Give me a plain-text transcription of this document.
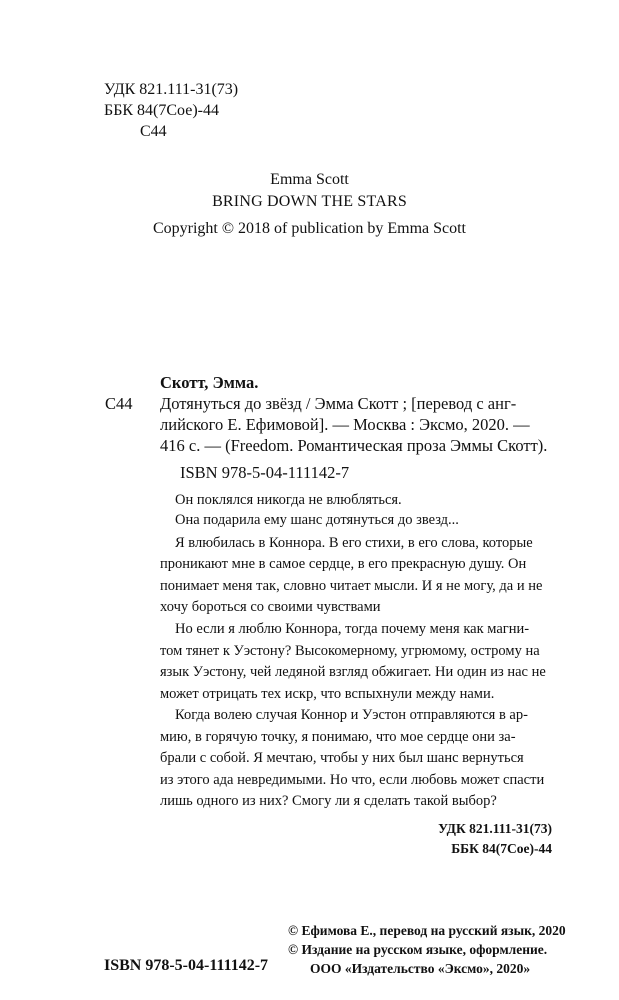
УДК 821.111-31(73)
ББК 84(7Сое)-44
С44
Emma Scott
BRING DOWN THE STARS
Copyright © 2018 of publication by Emma Scott
Скотт, Эмма.
С44 Дотянуться до звёзд / Эмма Скотт ; [перевод с анг-
лийского Е. Ефимовой]. — Москва : Эксмо, 2020. —
416 с. — (Freedom. Романтическая проза Эммы Скотт).
ISBN 978-5-04-111142-7
Он поклялся никогда не влюбляться.
Она подарила ему шанс дотянуться до звезд...
Я влюбилась в Коннора. В его стихи, в его слова, которые
проникают мне в самое сердце, в его прекрасную душу. Он
понимает меня так, словно читает мысли. И я не могу, да и не
хочу бороться со своими чувствами
Но если я люблю Коннора, тогда почему меня как магни-
том тянет к Уэстону? Высокомерному, угрюмому, острому на
язык Уэстону, чей ледяной взгляд обжигает. Ни один из нас не
может отрицать тех искр, что вспыхнули между нами.
Когда волею случая Коннор и Уэстон отправляются в ар-
мию, в горячую точку, я понимаю, что мое сердце они за-
брали с собой. Я мечтаю, чтобы у них был шанс вернуться
из этого ада невредимыми. Но что, если любовь может спасти
лишь одного из них? Смогу ли я сделать такой выбор?
УДК 821.111-31(73)
ББК 84(7Сое)-44
© Ефимова Е., перевод на русский язык, 2020
© Издание на русском языке, оформление.
ООО «Издательство «Эксмо», 2020»
ISBN 978-5-04-111142-7
